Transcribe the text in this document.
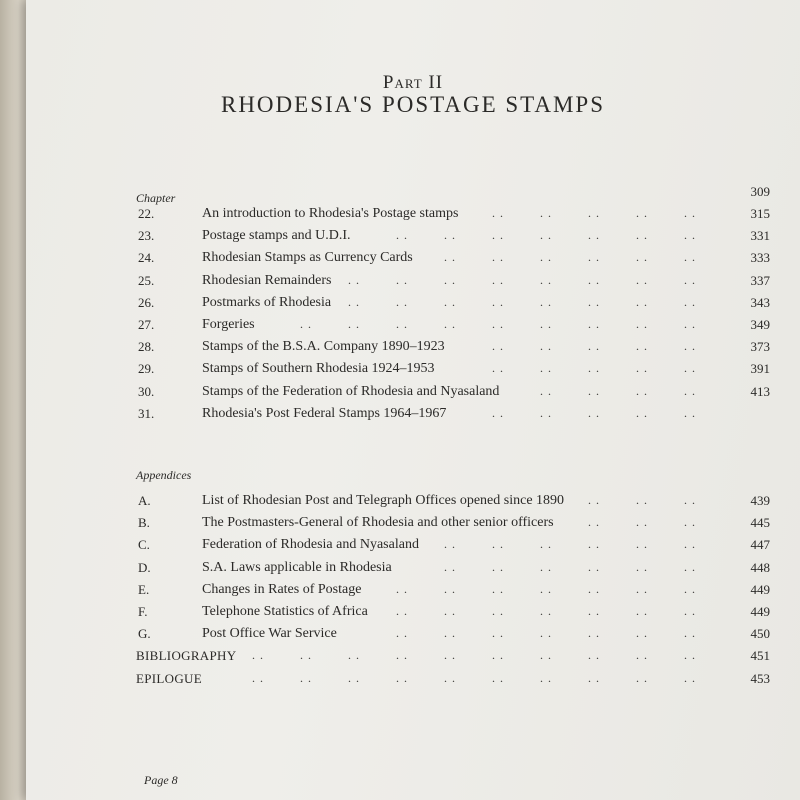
Part II
RHODESIA'S POSTAGE STAMPS
Chapter	309
22.	An introduction to Rhodesia's Postage stamps	. .	. .	. .	. .	. .	315
23.	Postage stamps and U.D.I.	. .	. .	. .	. .	. .	. .	. .	331
24.	Rhodesian Stamps as Currency Cards	. .	. .	. .	. .	. .	. .	333
25.	Rhodesian Remainders . .	. .	. .	. .	. .	. .	. .	. .	337
26.	Postmarks of Rhodesia . .	. .	. .	. .	. .	. .	. .	. .	343
27.	Forgeries	. .	. .	. .	. .	. .	. .	. .	. .	. .	349
28.	Stamps of the B.S.A. Company 1890–1923	. .	. .	. .	. .	. .	373
29.	Stamps of Southern Rhodesia 1924–1953	. .	. .	. .	. .	. .	391
30.	Stamps of the Federation of Rhodesia and Nyasaland	. .	. .	. .	. .	413
31.	Rhodesia's Post Federal Stamps 1964–1967	. .	. .	. .	. .	. .
Appendices
A.	List of Rhodesian Post and Telegraph Offices opened since 1890 . .	. .	. .	439
B.	The Postmasters-General of Rhodesia and other senior officers	. .	. .	. .	445
C.	Federation of Rhodesia and Nyasaland . .	. .	. .	. .	. .	. .	447
D.	S.A. Laws applicable in Rhodesia	. .	. .	. .	. .	. .	. .	448
E.	Changes in Rates of Postage	. .	. .	. .	. .	. .	. .	. .	449
F.	Telephone Statistics of Africa . .	. .	. .	. .	. .	. .	. .	449
G.	Post Office War Service	. .	. .	. .	. .	. .	. .	. .	450
BIBLIOGRAPHY . .	. .	. .	. .	. .	. .	. .	. .	. .	. .	451
EPILOGUE	. .	. .	. .	. .	. .	. .	. .	. .	. .	. .	453
Page 8
